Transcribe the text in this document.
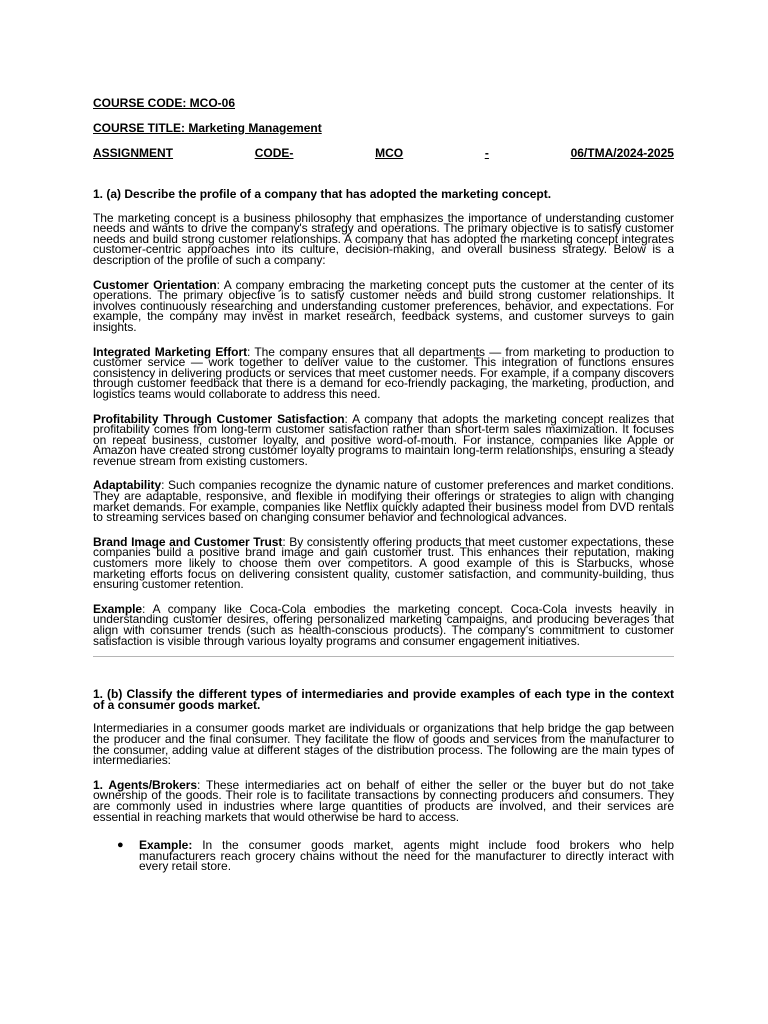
COURSE CODE: MCO-06
COURSE TITLE: Marketing Management
ASSIGNMENT	CODE-	MCO	-	06/TMA/2024-2025
1. (a) Describe the profile of a company that has adopted the marketing concept.

The marketing concept is a business philosophy that emphasizes the importance of understanding customer needs and wants to drive the company's strategy and operations. The primary objective is to satisfy customer needs and build strong customer relationships. A company that has adopted the marketing concept integrates customer-centric approaches into its culture, decision-making, and overall business strategy. Below is a description of the profile of such a company:

Customer Orientation: A company embracing the marketing concept puts the customer at the center of its operations. The primary objective is to satisfy customer needs and build strong customer relationships. It involves continuously researching and understanding customer preferences, behavior, and expectations. For example, the company may invest in market research, feedback systems, and customer surveys to gain insights.

Integrated Marketing Effort: The company ensures that all departments — from marketing to production to customer service — work together to deliver value to the customer. This integration of functions ensures consistency in delivering products or services that meet customer needs. For example, if a company discovers through customer feedback that there is a demand for eco-friendly packaging, the marketing, production, and logistics teams would collaborate to address this need.

Profitability Through Customer Satisfaction: A company that adopts the marketing concept realizes that profitability comes from long-term customer satisfaction rather than short-term sales maximization. It focuses on repeat business, customer loyalty, and positive word-of-mouth. For instance, companies like Apple or Amazon have created strong customer loyalty programs to maintain long-term relationships, ensuring a steady revenue stream from existing customers.

Adaptability: Such companies recognize the dynamic nature of customer preferences and market conditions. They are adaptable, responsive, and flexible in modifying their offerings or strategies to align with changing market demands. For example, companies like Netflix quickly adapted their business model from DVD rentals to streaming services based on changing consumer behavior and technological advances.

Brand Image and Customer Trust: By consistently offering products that meet customer expectations, these companies build a positive brand image and gain customer trust. This enhances their reputation, making customers more likely to choose them over competitors. A good example of this is Starbucks, whose marketing efforts focus on delivering consistent quality, customer satisfaction, and community-building, thus ensuring customer retention.

Example: A company like Coca-Cola embodies the marketing concept. Coca-Cola invests heavily in understanding customer desires, offering personalized marketing campaigns, and producing beverages that align with consumer trends (such as health-conscious products). The company's commitment to customer satisfaction is visible through various loyalty programs and consumer engagement initiatives.

1. (b) Classify the different types of intermediaries and provide examples of each type in the context of a consumer goods market.

Intermediaries in a consumer goods market are individuals or organizations that help bridge the gap between the producer and the final consumer. They facilitate the flow of goods and services from the manufacturer to the consumer, adding value at different stages of the distribution process. The following are the main types of intermediaries:

1. Agents/Brokers: These intermediaries act on behalf of either the seller or the buyer but do not take ownership of the goods. Their role is to facilitate transactions by connecting producers and consumers. They are commonly used in industries where large quantities of products are involved, and their services are essential in reaching markets that would otherwise be hard to access.

● Example: In the consumer goods market, agents might include food brokers who help manufacturers reach grocery chains without the need for the manufacturer to directly interact with every retail store.
